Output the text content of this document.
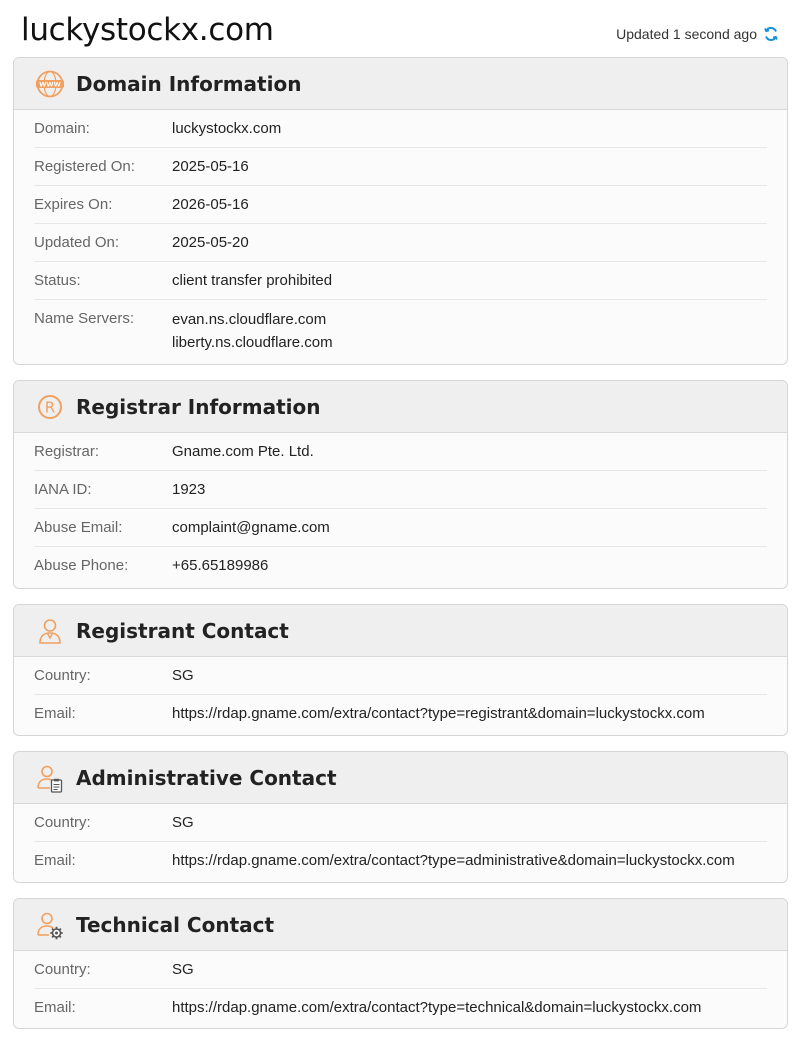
luckystockx.com	Updated 1 second ago
WWW Domain Information
Domain:	luckystockx.com
Registered On:	2025-05-16
Expires On:	2026-05-16
Updated On:	2025-05-20
Status:	client transfer prohibited
Name Servers:	evan.ns.cloudflare.com
liberty.ns.cloudflare.com
R Registrar Information
Registrar:	Gname.com Pte. Ltd.
IANA ID:	1923
Abuse Email:	complaint@gname.com
Abuse Phone:	+65.65189986
Registrant Contact
Country:	SG
Email:	https://rdap.gname.com/extra/contact?type=registrant&domain=luckystockx.com
Administrative Contact
Country:	SG
Email:	https://rdap.gname.com/extra/contact?type=administrative&domain=luckystockx.com
Technical Contact
Country:	SG
Email:	https://rdap.gname.com/extra/contact?type=technical&domain=luckystockx.com
